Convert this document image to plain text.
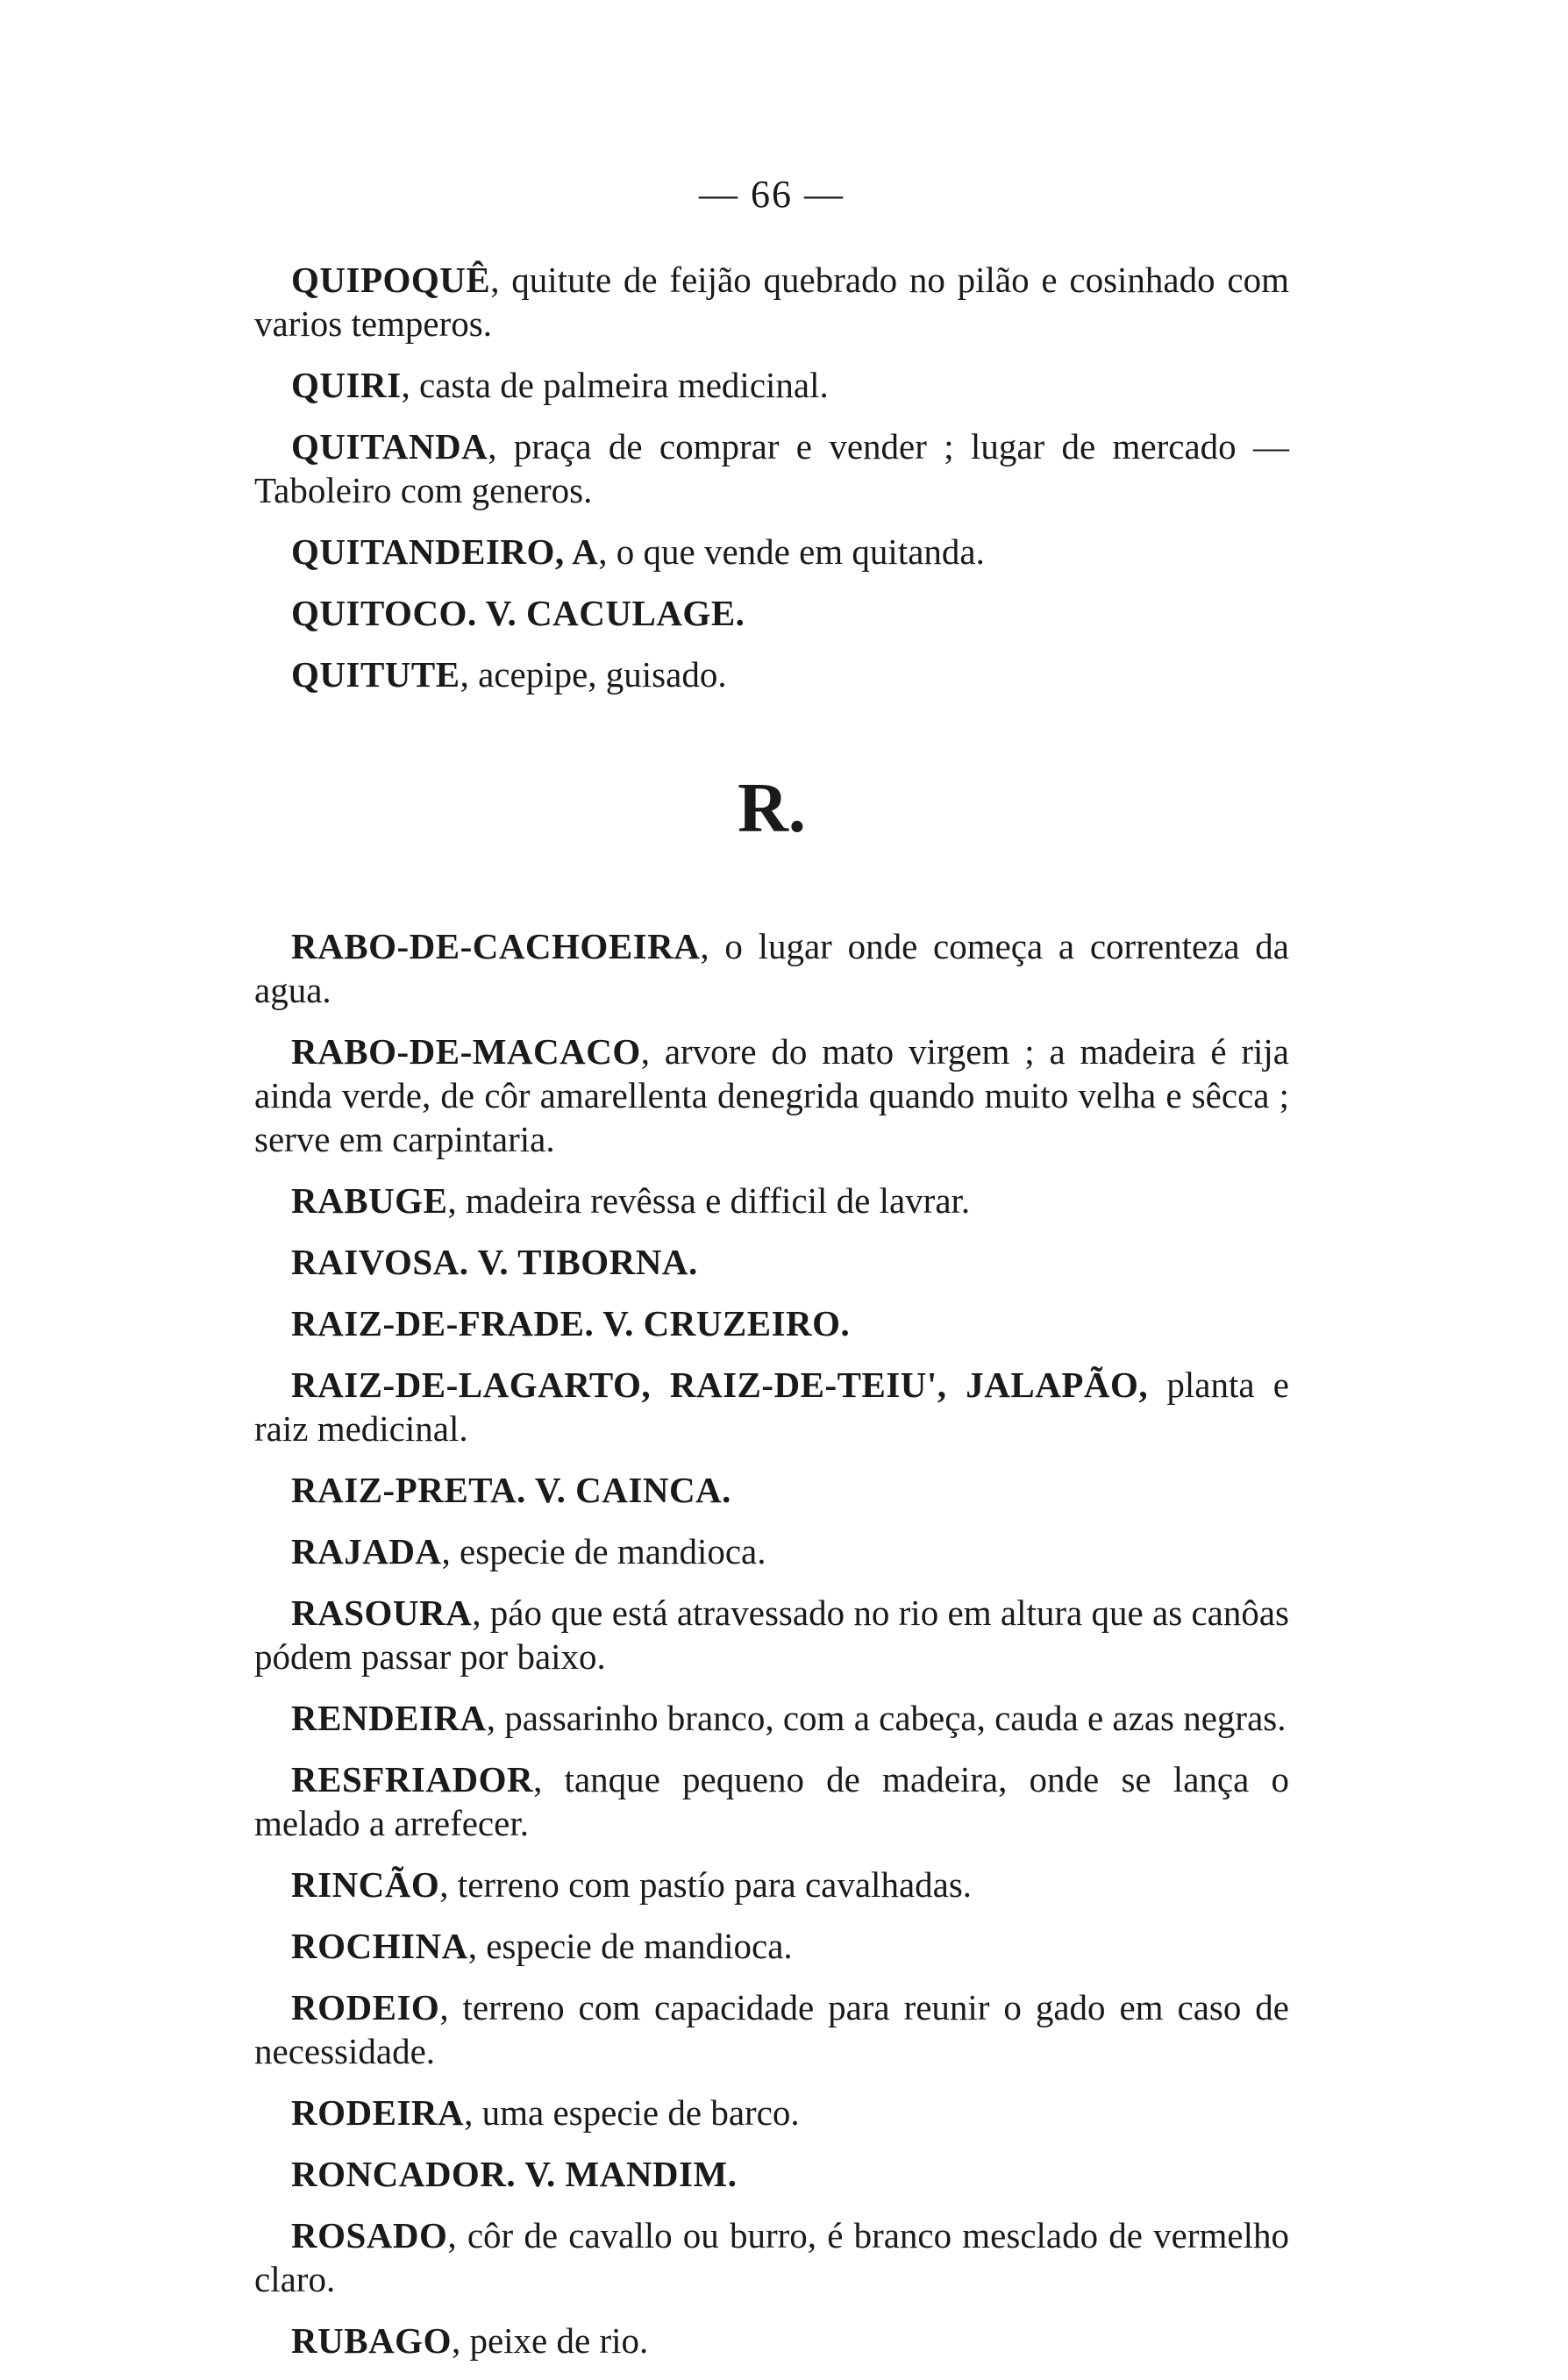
— 66 —

QUIPOQUÊ, quitute de feijão quebrado no pilão e cosinhado com varios temperos.

QUIRI, casta de palmeira medicinal.

QUITANDA, praça de comprar e vender ; lugar de mercado —Taboleiro com generos.

QUITANDEIRO, A, o que vende em quitanda.

QUITOCO. V. CACULAGE.

QUITUTE, acepipe, guisado.

R.

RABO-DE-CACHOEIRA, o lugar onde começa a correnteza da agua.

RABO-DE-MACACO, arvore do mato virgem ; a madeira é rija ainda verde, de côr amarellenta denegrida quando muito velha e sêcca ; serve em carpintaria.

RABUGE, madeira revêssa e difficil de lavrar.

RAIVOSA. V. TIBORNA.

RAIZ-DE-FRADE. V. CRUZEIRO.

RAIZ-DE-LAGARTO, RAIZ-DE-TEIU', JALAPÃO, planta e raiz medicinal.

RAIZ-PRETA. V. CAINCA.

RAJADA, especie de mandioca.

RASOURA, páo que está atravessado no rio em altura que as canôas pódem passar por baixo.

RENDEIRA, passarinho branco, com a cabeça, cauda e azas negras.

RESFRIADOR, tanque pequeno de madeira, onde se lança o melado a arrefecer.

RINCÃO, terreno com pastío para cavalhadas.

ROCHINA, especie de mandioca.

RODEIO, terreno com capacidade para reunir o gado em caso de necessidade.

RODEIRA, uma especie de barco.

RONCADOR. V. MANDIM.

ROSADO, côr de cavallo ou burro, é branco mesclado de vermelho claro.

RUBAGO, peixe de rio.
